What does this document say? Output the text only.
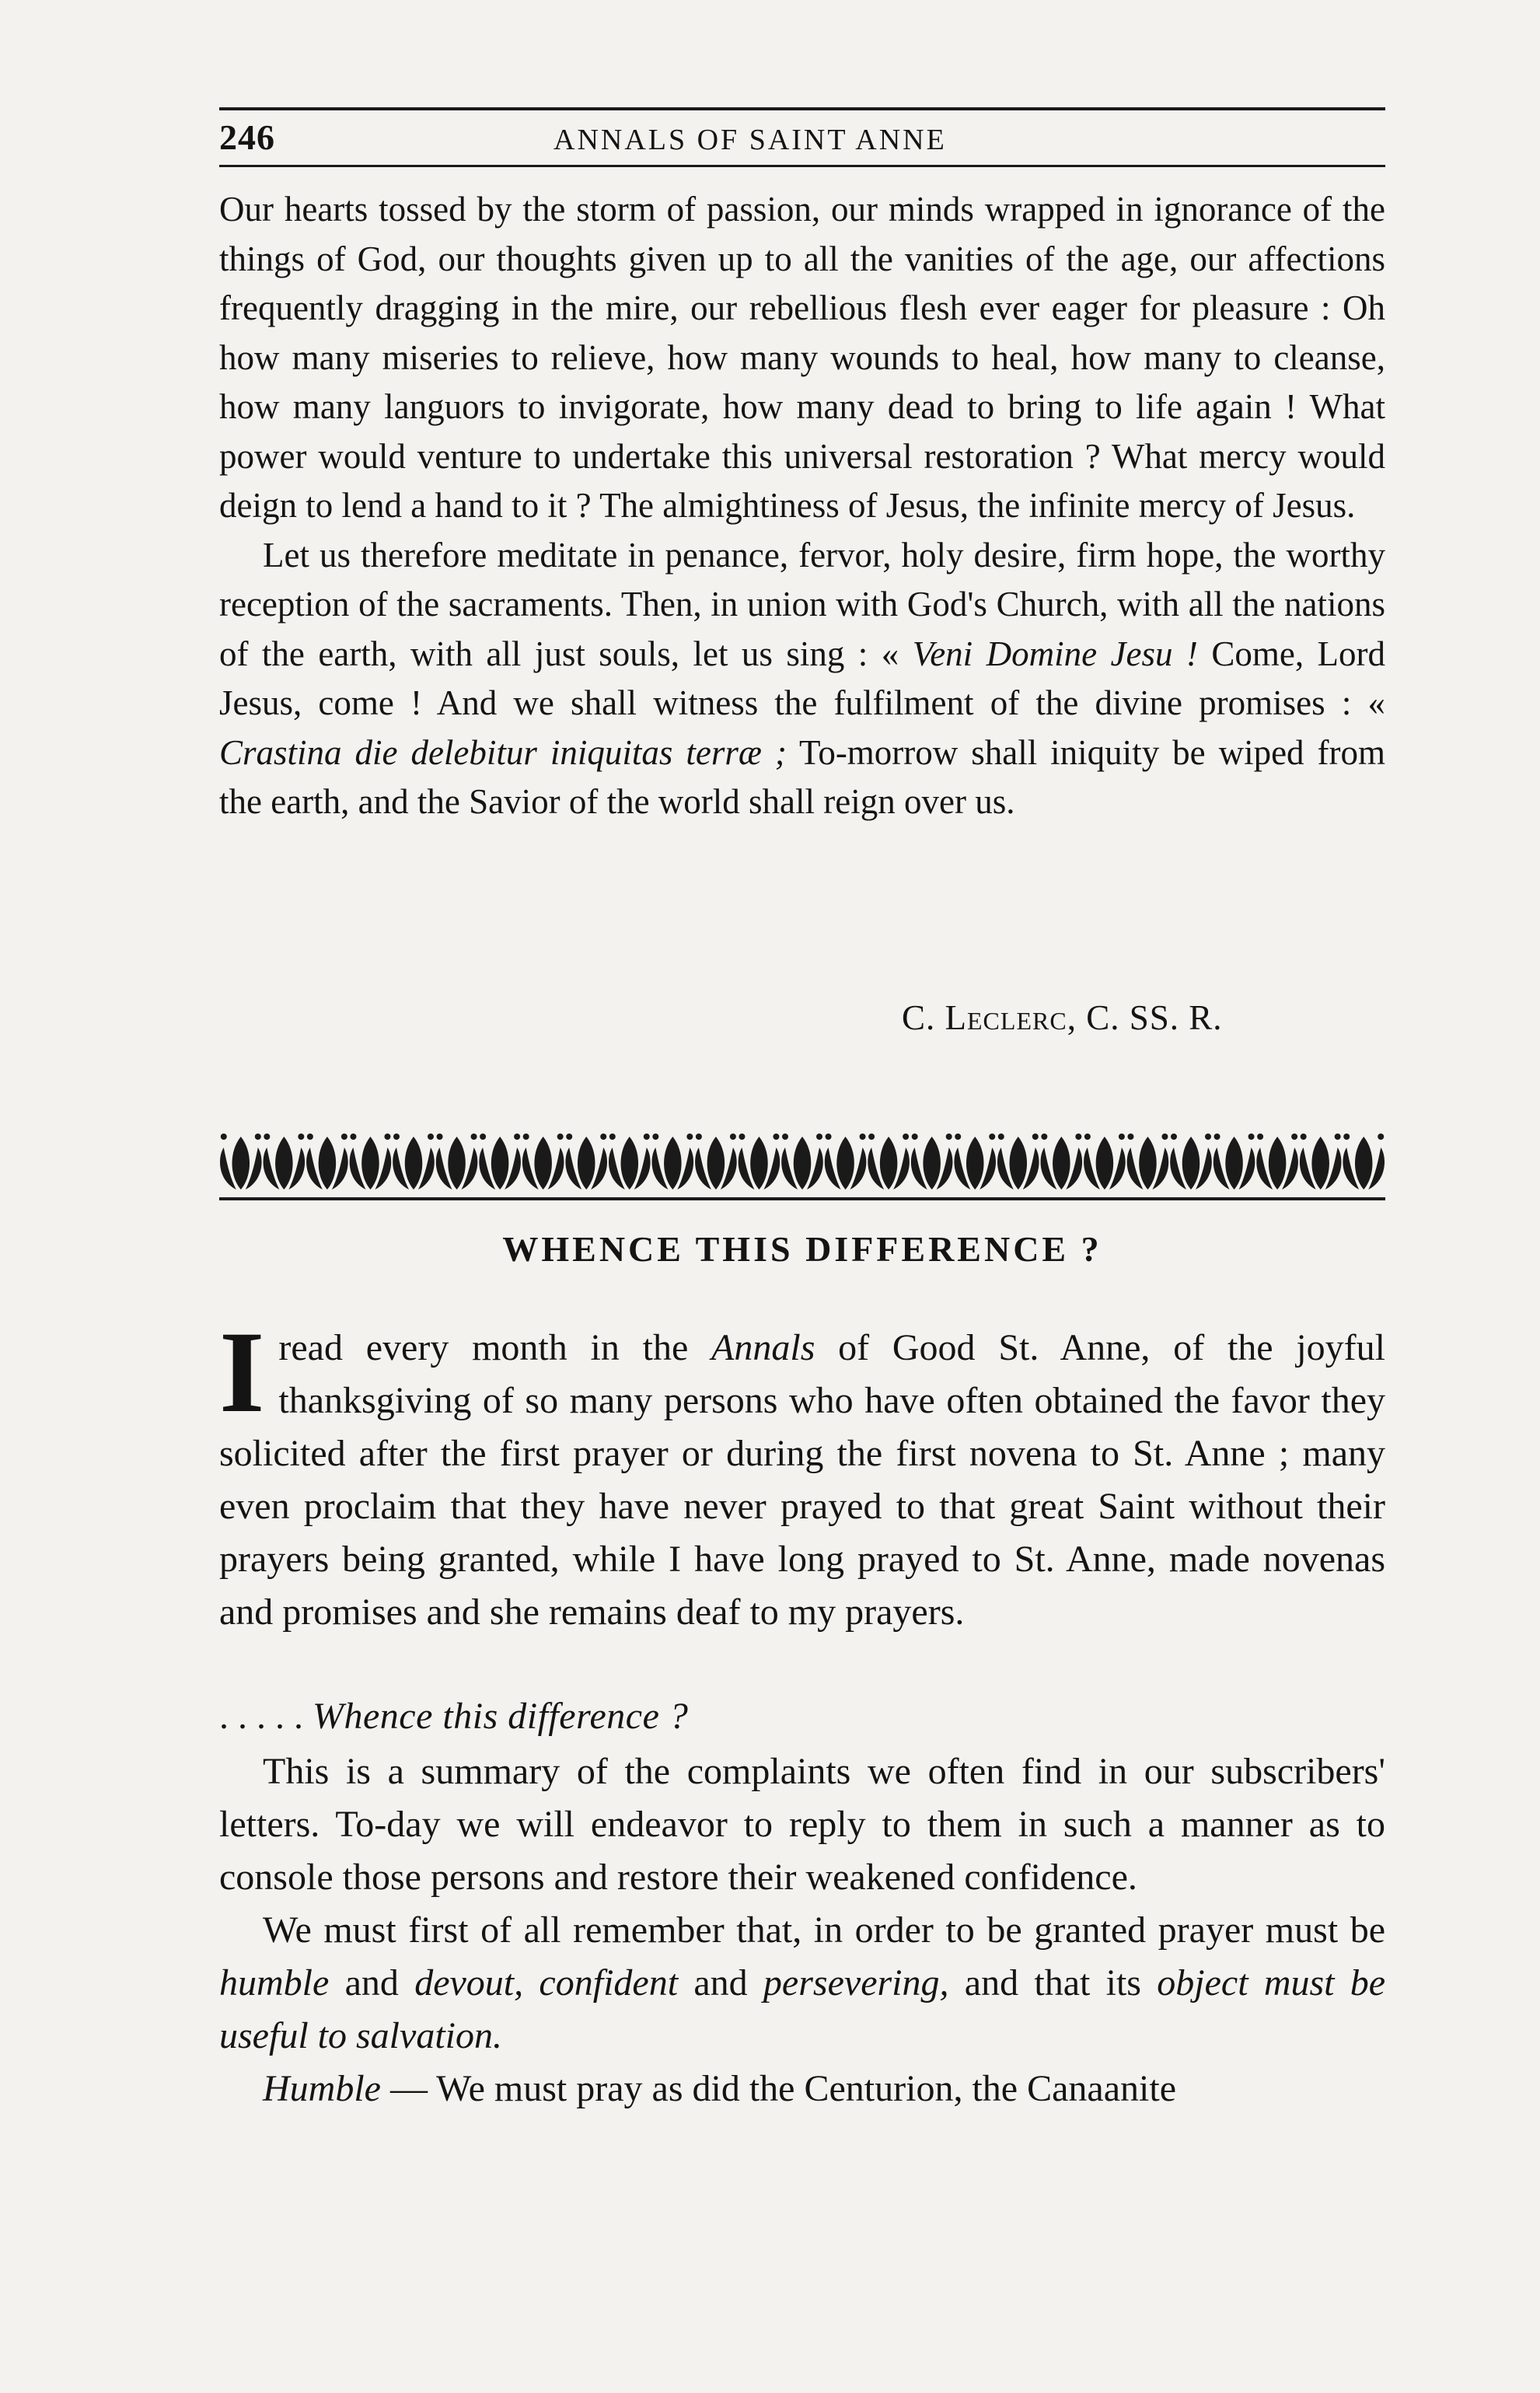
246	ANNALS OF SAINT ANNE

Our hearts tossed by the storm of passion, our minds wrapped in ignorance of the things of God, our thoughts given up to all the vanities of the age, our affections frequently dragging in the mire, our rebellious flesh ever eager for pleasure : Oh how many miseries to relieve, how many wounds to heal, how many to cleanse, how many languors to invigorate, how many dead to bring to life again ! What power would venture to undertake this universal restoration ? What mercy would deign to lend a hand to it ? The almightiness of Jesus, the infinite mercy of Jesus.

Let us therefore meditate in penance, fervor, holy desire, firm hope, the worthy reception of the sacraments. Then, in union with God's Church, with all the nations of the earth, with all just souls, let us sing : « Veni Domine Jesu ! Come, Lord Jesus, come ! And we shall witness the fulfilment of the divine promises : « Crastina die delebitur iniquitas terræ ; To-morrow shall iniquity be wiped from the earth, and the Savior of the world shall reign over us.

C. Leclerc, C. SS. R.
WHENCE THIS DIFFERENCE ?

Iread every month in the Annals of Good St. Anne, of the joyful thanksgiving of so many persons who have often obtained the favor they solicited after the first prayer or during the first novena to St. Anne ; many even proclaim that they have never prayed to that great Saint without their prayers being granted, while I have long prayed to St. Anne, made novenas and promises and she remains deaf to my prayers.

. . . . . Whence this difference ?

This is a summary of the complaints we often find in our subscribers' letters. To-day we will endeavor to reply to them in such a manner as to console those persons and restore their weakened confidence.

We must first of all remember that, in order to be granted prayer must be humble and devout, confident and persevering, and that its object must be useful to salvation.

Humble — We must pray as did the Centurion, the Canaanite
